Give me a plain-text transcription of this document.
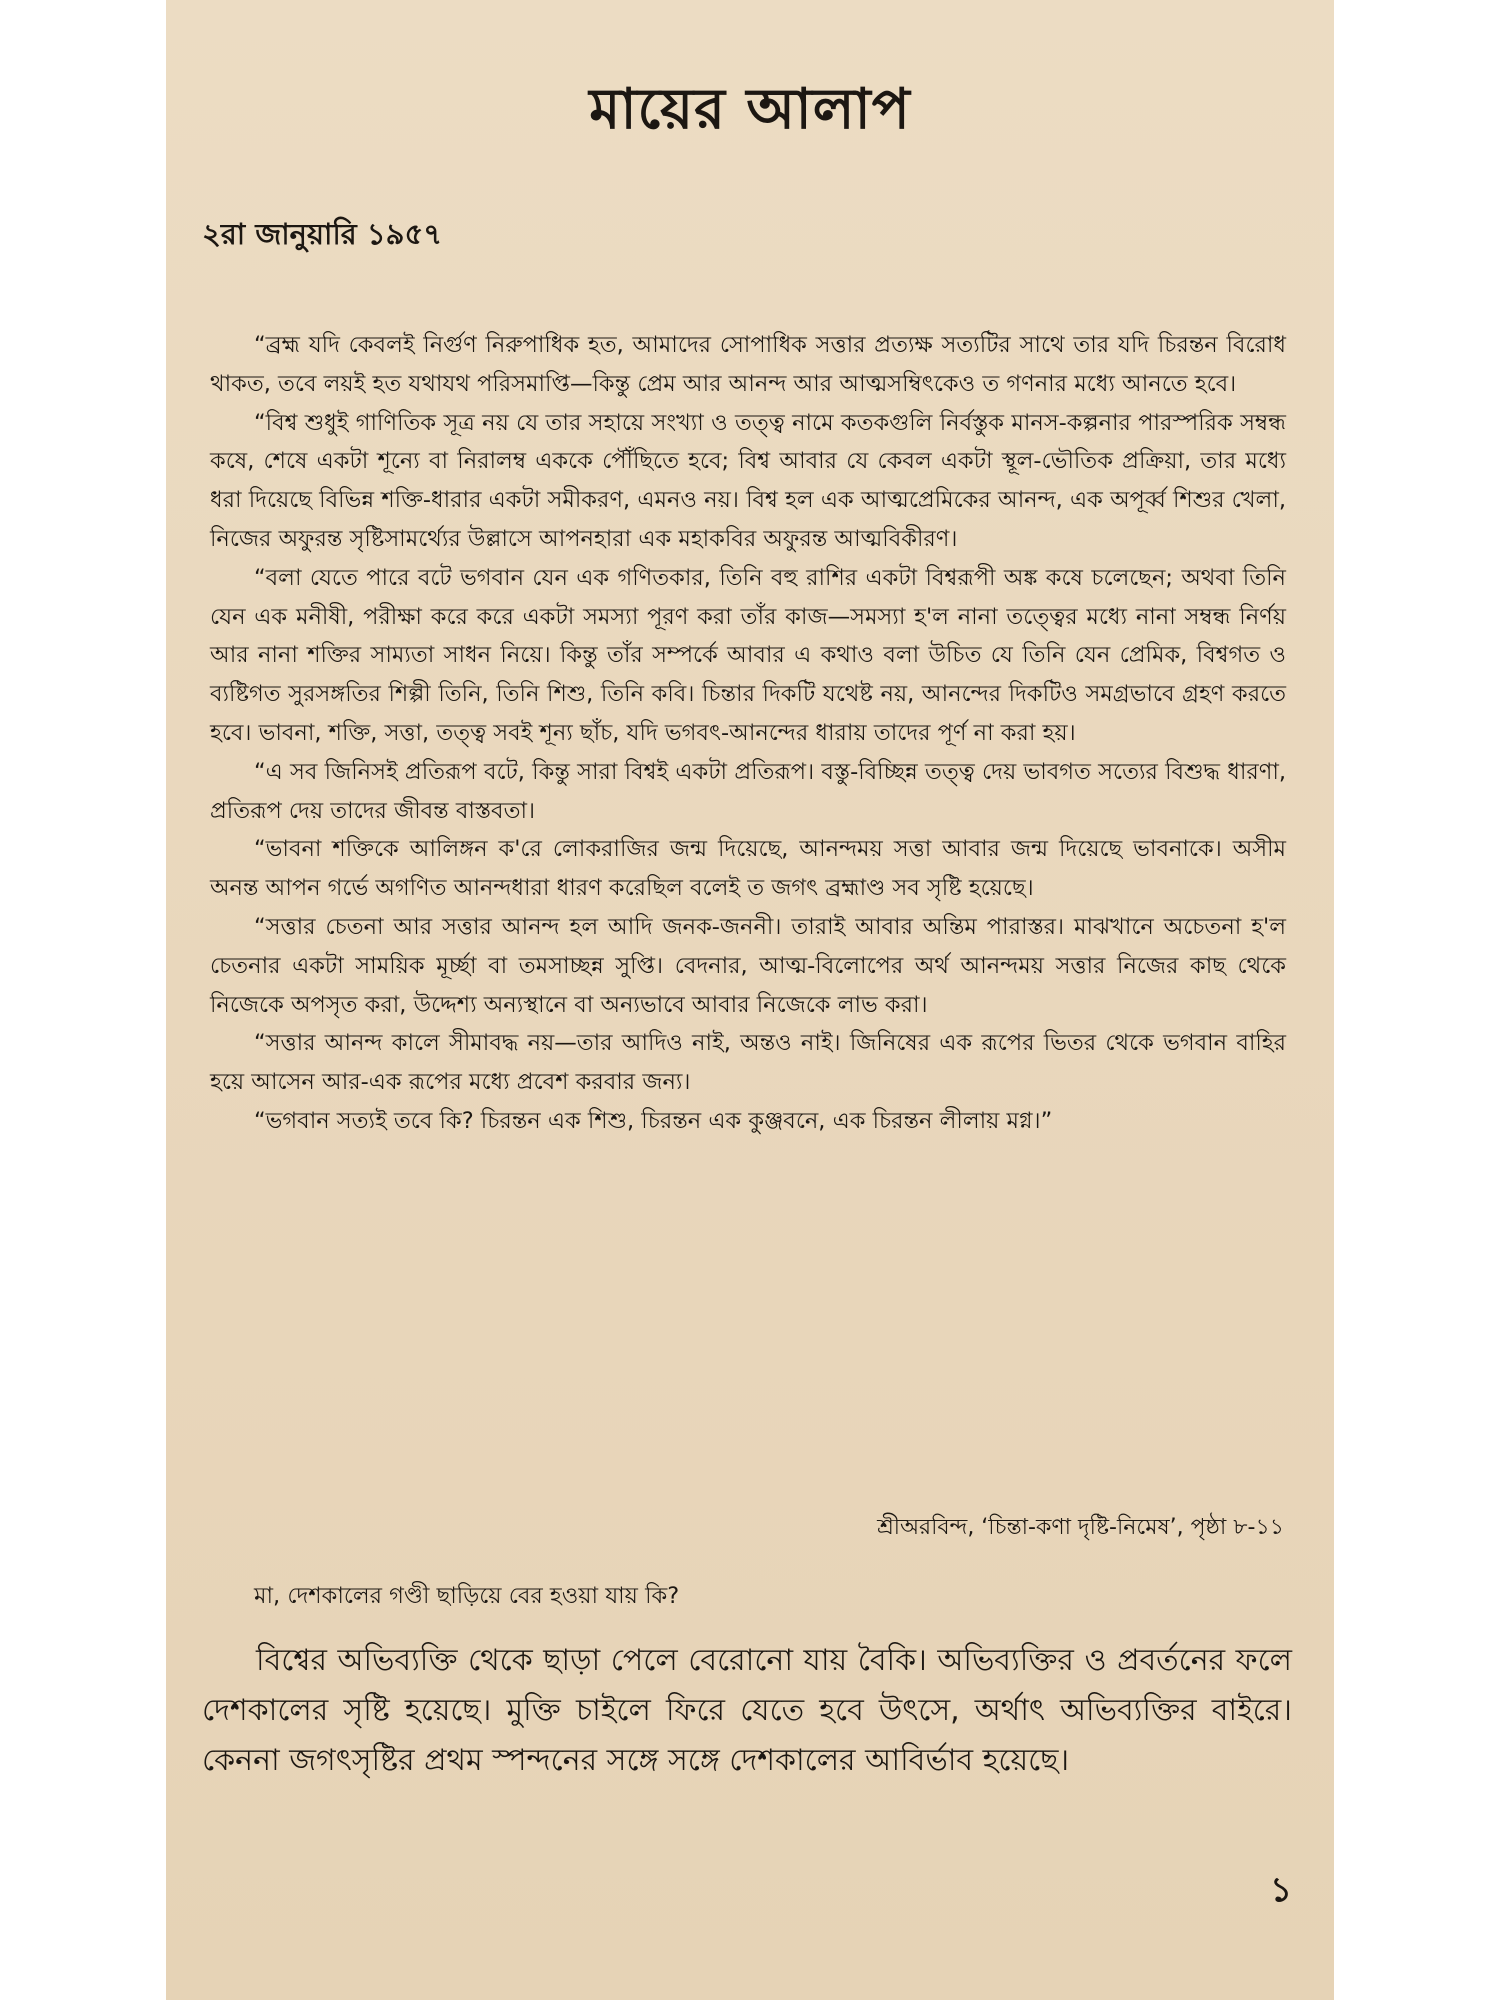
মায়ের আলাপ
২রা জানুয়ারি ১৯৫৭

“ব্রহ্ম যদি কেবলই নির্গুণ নিরুপাধিক হত, আমাদের সোপাধিক সত্তার প্রত্যক্ষ সত্যটির সাথে তার যদি চিরন্তন বিরোধ থাকত, তবে লয়ই হত যথাযথ পরিসমাপ্তি—কিন্তু প্রেম আর আনন্দ আর আত্মসম্বিৎকেও ত গণনার মধ্যে আনতে হবে।

“বিশ্ব শুধুই গাণিতিক সূত্র নয় যে তার সহায়ে সংখ্যা ও তত্ত্ব নামে কতকগুলি নির্বস্তুক মানস-কল্পনার পারস্পরিক সম্বন্ধ কষে, শেষে একটা শূন্যে বা নিরালম্ব এককে পৌঁছিতে হবে; বিশ্ব আবার যে কেবল একটা স্থূল-ভৌতিক প্রক্রিয়া, তার মধ্যে ধরা দিয়েছে বিভিন্ন শক্তি-ধারার একটা সমীকরণ, এমনও নয়। বিশ্ব হল এক আত্মপ্রেমিকের আনন্দ, এক অপূর্ব্ব শিশুর খেলা, নিজের অফুরন্ত সৃষ্টিসামর্থ্যের উল্লাসে আপনহারা এক মহাকবির অফুরন্ত আত্মবিকীরণ।

“বলা যেতে পারে বটে ভগবান যেন এক গণিতকার, তিনি বহু রাশির একটা বিশ্বরূপী অঙ্ক কষে চলেছেন; অথবা তিনি যেন এক মনীষী, পরীক্ষা করে করে একটা সমস্যা পূরণ করা তাঁর কাজ—সমস্যা হ'ল নানা তত্ত্বের মধ্যে নানা সম্বন্ধ নির্ণয় আর নানা শক্তির সাম্যতা সাধন নিয়ে। কিন্তু তাঁর সম্পর্কে আবার এ কথাও বলা উচিত যে তিনি যেন প্রেমিক, বিশ্বগত ও ব্যষ্টিগত সুরসঙ্গতির শিল্পী তিনি, তিনি শিশু, তিনি কবি। চিন্তার দিকটি যথেষ্ট নয়, আনন্দের দিকটিও সমগ্রভাবে গ্রহণ করতে হবে। ভাবনা, শক্তি, সত্তা, তত্ত্ব সবই শূন্য ছাঁচ, যদি ভগবৎ-আনন্দের ধারায় তাদের পূর্ণ না করা হয়।

“এ সব জিনিসই প্রতিরূপ বটে, কিন্তু সারা বিশ্বই একটা প্রতিরূপ। বস্তু-বিচ্ছিন্ন তত্ত্ব দেয় ভাবগত সত্যের বিশুদ্ধ ধারণা, প্রতিরূপ দেয় তাদের জীবন্ত বাস্তবতা।

“ভাবনা শক্তিকে আলিঙ্গন ক'রে লোকরাজির জন্ম দিয়েছে, আনন্দময় সত্তা আবার জন্ম দিয়েছে ভাবনাকে। অসীম অনন্ত আপন গর্ভে অগণিত আনন্দধারা ধারণ করেছিল বলেই ত জগৎ ব্রহ্মাণ্ড সব সৃষ্টি হয়েছে।

“সত্তার চেতনা আর সত্তার আনন্দ হল আদি জনক-জননী। তারাই আবার অন্তিম পারাস্তর। মাঝখানে অচেতনা হ'ল চেতনার একটা সাময়িক মূর্চ্ছা বা তমসাচ্ছন্ন সুপ্তি। বেদনার, আত্ম-বিলোপের অর্থ আনন্দময় সত্তার নিজের কাছ থেকে নিজেকে অপসৃত করা, উদ্দেশ্য অন্যস্থানে বা অন্যভাবে আবার নিজেকে লাভ করা।

“সত্তার আনন্দ কালে সীমাবদ্ধ নয়—তার আদিও নাই, অন্তও নাই। জিনিষের এক রূপের ভিতর থেকে ভগবান বাহির হয়ে আসেন আর-এক রূপের মধ্যে প্রবেশ করবার জন্য।

“ভগবান সত্যই তবে কি? চিরন্তন এক শিশু, চিরন্তন এক কুঞ্জবনে, এক চিরন্তন লীলায় মগ্ন।”

শ্রীঅরবিন্দ, ‘চিন্তা-কণা দৃষ্টি-নিমেষ’, পৃষ্ঠা ৮-১১
মা, দেশকালের গণ্ডী ছাড়িয়ে বের হওয়া যায় কি?
বিশ্বের অভিব্যক্তি থেকে ছাড়া পেলে বেরোনো যায় বৈকি। অভিব্যক্তির ও প্রবর্তনের ফলে দেশকালের সৃষ্টি হয়েছে। মুক্তি চাইলে ফিরে যেতে হবে উৎসে, অর্থাৎ অভিব্যক্তির বাইরে। কেননা জগৎসৃষ্টির প্রথম স্পন্দনের সঙ্গে সঙ্গে দেশকালের আবির্ভাব হয়েছে।
১
